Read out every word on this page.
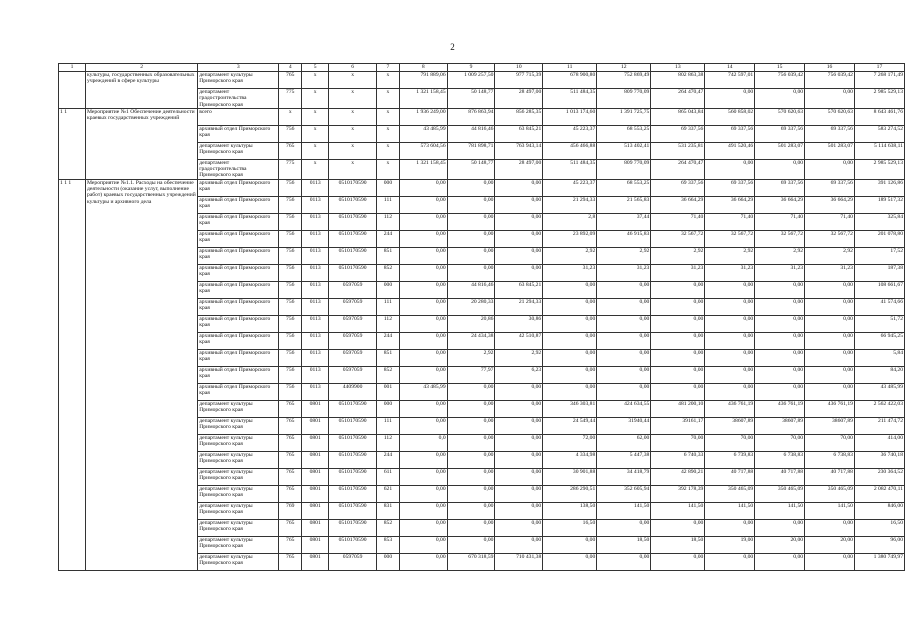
2
1	2	3	4	5	6	7	8	9	10	11	12	13	14	15	16	17
	культуры, государственных образовательных учреждений в сфере культуры	департамент культуры Приморского края	765	x	x	x	791 889,06	1 009 257,50	977 715,39	678 900,80	752 869,49	802 863,38	742 597,01	756 039,42	756 039,42	7 268 171,49
		департамент градостроительства Приморского края	775	x	x	x	1 321 158,45	50 148,77	28 497,00	511 484,35	809 770,09	264 470,47	0,00	0,00	0,00	2 985 529,13
1 1	Мероприятие №1 Обеспечение деятельности краевых государственных учреждений	всего	x	x	x	x	1 936 249,00	876 863,94	856 285,35	1 013 174,60	1 391 725,75	865 043,84	560 858,02	570 620,63	570 620,63	8 643 461,76
		архивный отдел Приморского края	756	x	x	x	43 485,99	44 816,46	63 845,21	45 223,37	68 553,25	69 337,56	69 337,56	69 337,56	69 337,56	583 274,52
		департамент культуры Приморского края	765	x	x	x	573 604,56	781 898,71	763 943,14	456 466,88	513 402,41	531 235,81	491 520,46	501 283,07	501 283,07	5 114 638,11
		департамент градостроительства Приморского края	775	x	x	x	1 321 158,45	50 148,77	28 497,00	511 484,35	809 770,09	264 470,47	0,00	0,00	0,00	2 985 529,13
1 1 1	Мероприятие №1.1. Расходы на обеспечение деятельности (оказание услуг, выполнение работ) краевых государственных учреждений культуры и архивного дела	архивный отдел Приморского края	756	0113	0510170590	000	0,00	0,00	0,00	45 223,37	68 553,25	69 337,56	69 337,56	69 337,56	69 337,56	391 126,86
		архивный отдел Приморского края	756	0113	0510170590	111	0,00	0,00	0,00	21 294,33	21 565,83	36 664,29	36 664,29	36 664,29	36 664,29	189 517,32
		архивный отдел Приморского края	756	0113	0510170590	112	0,00	0,00	0,00	2,8	37,44	71,40	71,40	71,40	71,40	325,84
		архивный отдел Приморского края	756	0113	0510170590	244	0,00	0,00	0,00	23 892,09	46 915,83	32 567,72	32 567,72	32 567,72	32 567,72	201 078,80
		архивный отдел Приморского края	756	0113	0510170590	851	0,00	0,00	0,00	2,92	2,92	2,92	2,92	2,92	2,92	17,52
		архивный отдел Приморского края	756	0113	0510170590	852	0,00	0,00	0,00	31,23	31,23	31,23	31,23	31,23	31,23	187,38
		архивный отдел Приморского края	756	0113	0597059	000	0,00	44 816,46	63 845,21	0,00	0,00	0,00	0,00	0,00	0,00	108 661,67
		архивный отдел Приморского края	756	0113	0597059	111	0,00	20 280,33	21 294,33	0,00	0,00	0,00	0,00	0,00	0,00	41 574,66
		архивный отдел Приморского края	756	0113	0597059	112	0,00	20,86	30,86	0,00	0,00	0,00	0,00	0,00	0,00	51,72
		архивный отдел Приморского края	756	0113	0597059	244	0,00	24 434,38	42 510,87	0,00	0,00	0,00	0,00	0,00	0,00	66 945,25
		архивный отдел Приморского края	756	0113	0597059	851	0,00	2,92	2,92	0,00	0,00	0,00	0,00	0,00	0,00	5,84
		архивный отдел Приморского края	756	0113	0597059	852	0,00	77,97	6,23	0,00	0,00	0,00	0,00	0,00	0,00	84,20
		архивный отдел Приморского края	756	0113	4409900	001	43 485,99	0,00	0,00	0,00	0,00	0,00	0,00	0,00	0,00	43 485,99
		департамент культуры Приморского края	765	0801	0510170590	000	0,00	0,00	0,00	346 303,81	424 634,55	481 200,10	436 761,19	436 761,19	436 761,19	2 562 422,03
		департамент культуры Приморского края	765	0801	0510170590	111	0,00	0,00	0,00	24 549,44	31940,44	39161,17	38607,89	38607,89	38607,89	211 474,72
		департамент культуры Приморского края	765	0801	0510170590	112	0,0	0,00	0,00	72,00	62,00	70,00	70,00	70,00	70,00	414,00
		департамент культуры Приморского края	765	0801	0510170590	244	0,00	0,00	0,00	4 334,98	5 447,38	6 740,33	6 739,83	6 738,83	6 738,83	36 740,18
		департамент культуры Приморского края	765	0801	0510170590	611	0,00	0,00	0,00	30 901,88	34 418,79	42 890,21	40 717,88	40 717,88	40 717,88	230 364,52
		департамент культуры Приморского края	765	0801	0510170590	621	0,00	0,00	0,00	286 290,51	352 605,94	392 178,39	350 465,09	350 465,09	350 465,09	2 082 470,11
		департамент культуры Приморского края	769	0801	0510170590	831	0,00	0,00	0,00	138,50	141,50	141,50	141,50	141,50	141,50	846,00
		департамент культуры Приморского края	765	0801	0510170590	852	0,00	0,00	0,00	16,50	0,00	0,00	0,00	0,00	0,00	16,50
		департамент культуры Приморского края	765	0801	0510170590	853	0,00	0,00	0,00	0,00	18,50	18,50	19,00	20,00	20,00	96,00
		департамент культуры Приморского края	765	0801	0597059	000	0,00	670 318,59	710 431,38	0,00	0,00	0,00	0,00	0,00	0,00	1 380 749,97
